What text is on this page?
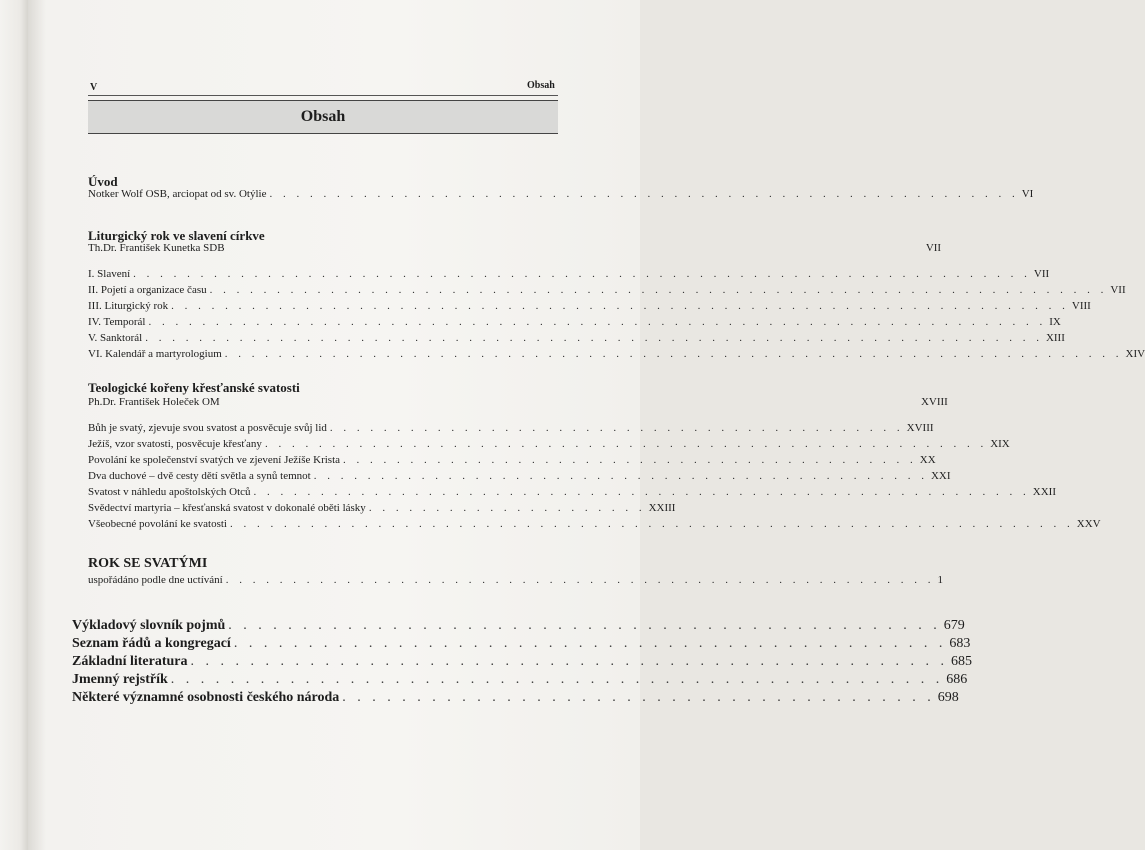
V	Obsah
Obsah
Úvod
Notker Wolf OSB, arciopat od sv. Otýlie . . . . . . . . . . . . . . . . . . . . . . . . . . . . . . . . . . . . . . . . . . . . . . . . . . . . . . . . VI
Liturgický rok ve slavení církve
Th.Dr. František Kunetka SDB	VII
I. Slavení . . . . . . . . . . . . . . . . . . . . . . . . . . . . . . . . . . . . . . . . . . . . . . . . . . . . . . . . . . . . . . . . . . . VII
II. Pojetí a organizace času . . . . . . . . . . . . . . . . . . . . . . . . . . . . . . . . . . . . . . . . . . . . . . . . . . . . . . . . . . . . . . . . . . . VII
III. Liturgický rok . . . . . . . . . . . . . . . . . . . . . . . . . . . . . . . . . . . . . . . . . . . . . . . . . . . . . . . . . . . . . . . . . . . VIII
IV. Temporál . . . . . . . . . . . . . . . . . . . . . . . . . . . . . . . . . . . . . . . . . . . . . . . . . . . . . . . . . . . . . . . . . . . IX
V. Sanktorál . . . . . . . . . . . . . . . . . . . . . . . . . . . . . . . . . . . . . . . . . . . . . . . . . . . . . . . . . . . . . . . . . . . XIII
VI. Kalendář a martyrologium . . . . . . . . . . . . . . . . . . . . . . . . . . . . . . . . . . . . . . . . . . . . . . . . . . . . . . . . . . . . . . . . . . . XIV
Teologické kořeny křesťanské svatosti
Ph.Dr. František Holeček OM	XVIII
Bůh je svatý, zjevuje svou svatost a posvěcuje svůj lid . . . . . . . . . . . . . . . . . . . . . . . . . . . . . . . . . . . . . . . . . . . XVIII
Ježíš, vzor svatosti, posvěcuje křesťany . . . . . . . . . . . . . . . . . . . . . . . . . . . . . . . . . . . . . . . . . . . . . . . . . . . . . . XIX
Povolání ke společenství svatých ve zjevení Ježíše Krista . . . . . . . . . . . . . . . . . . . . . . . . . . . . . . . . . . . . . . . . . . . XX
Dva duchové – dvě cesty dětí světla a synů temnot . . . . . . . . . . . . . . . . . . . . . . . . . . . . . . . . . . . . . . . . . . . . . . XXI
Svatost v náhledu apoštolských Otců . . . . . . . . . . . . . . . . . . . . . . . . . . . . . . . . . . . . . . . . . . . . . . . . . . . . . . . . . . XXII
Svědectví martyria – křesťanská svatost v dokonalé oběti lásky . . . . . . . . . . . . . . . . . . . . . XXIII
Všeobecné povolání ke svatosti . . . . . . . . . . . . . . . . . . . . . . . . . . . . . . . . . . . . . . . . . . . . . . . . . . . . . . . . . . . . . . . XXV
ROK SE SVATÝMI
uspořádáno podle dne uctívání . . . . . . . . . . . . . . . . . . . . . . . . . . . . . . . . . . . . . . . . . . . . . . . . . . . . . 1
Výkladový slovník pojmů . . . . . . . . . . . . . . . . . . . . . . . . . . . . . . . . . . . . . . . . . . . . . . . . 679
Seznam řádů a kongregací . . . . . . . . . . . . . . . . . . . . . . . . . . . . . . . . . . . . . . . . . . . . . . . . 683
Základní literatura . . . . . . . . . . . . . . . . . . . . . . . . . . . . . . . . . . . . . . . . . . . . . . . . . . . 685
Jmenný rejstřík . . . . . . . . . . . . . . . . . . . . . . . . . . . . . . . . . . . . . . . . . . . . . . . . . . . . 686
Některé významné osobnosti českého národa . . . . . . . . . . . . . . . . . . . . . . . . . . . . . . . . . . . . . . . . 698
